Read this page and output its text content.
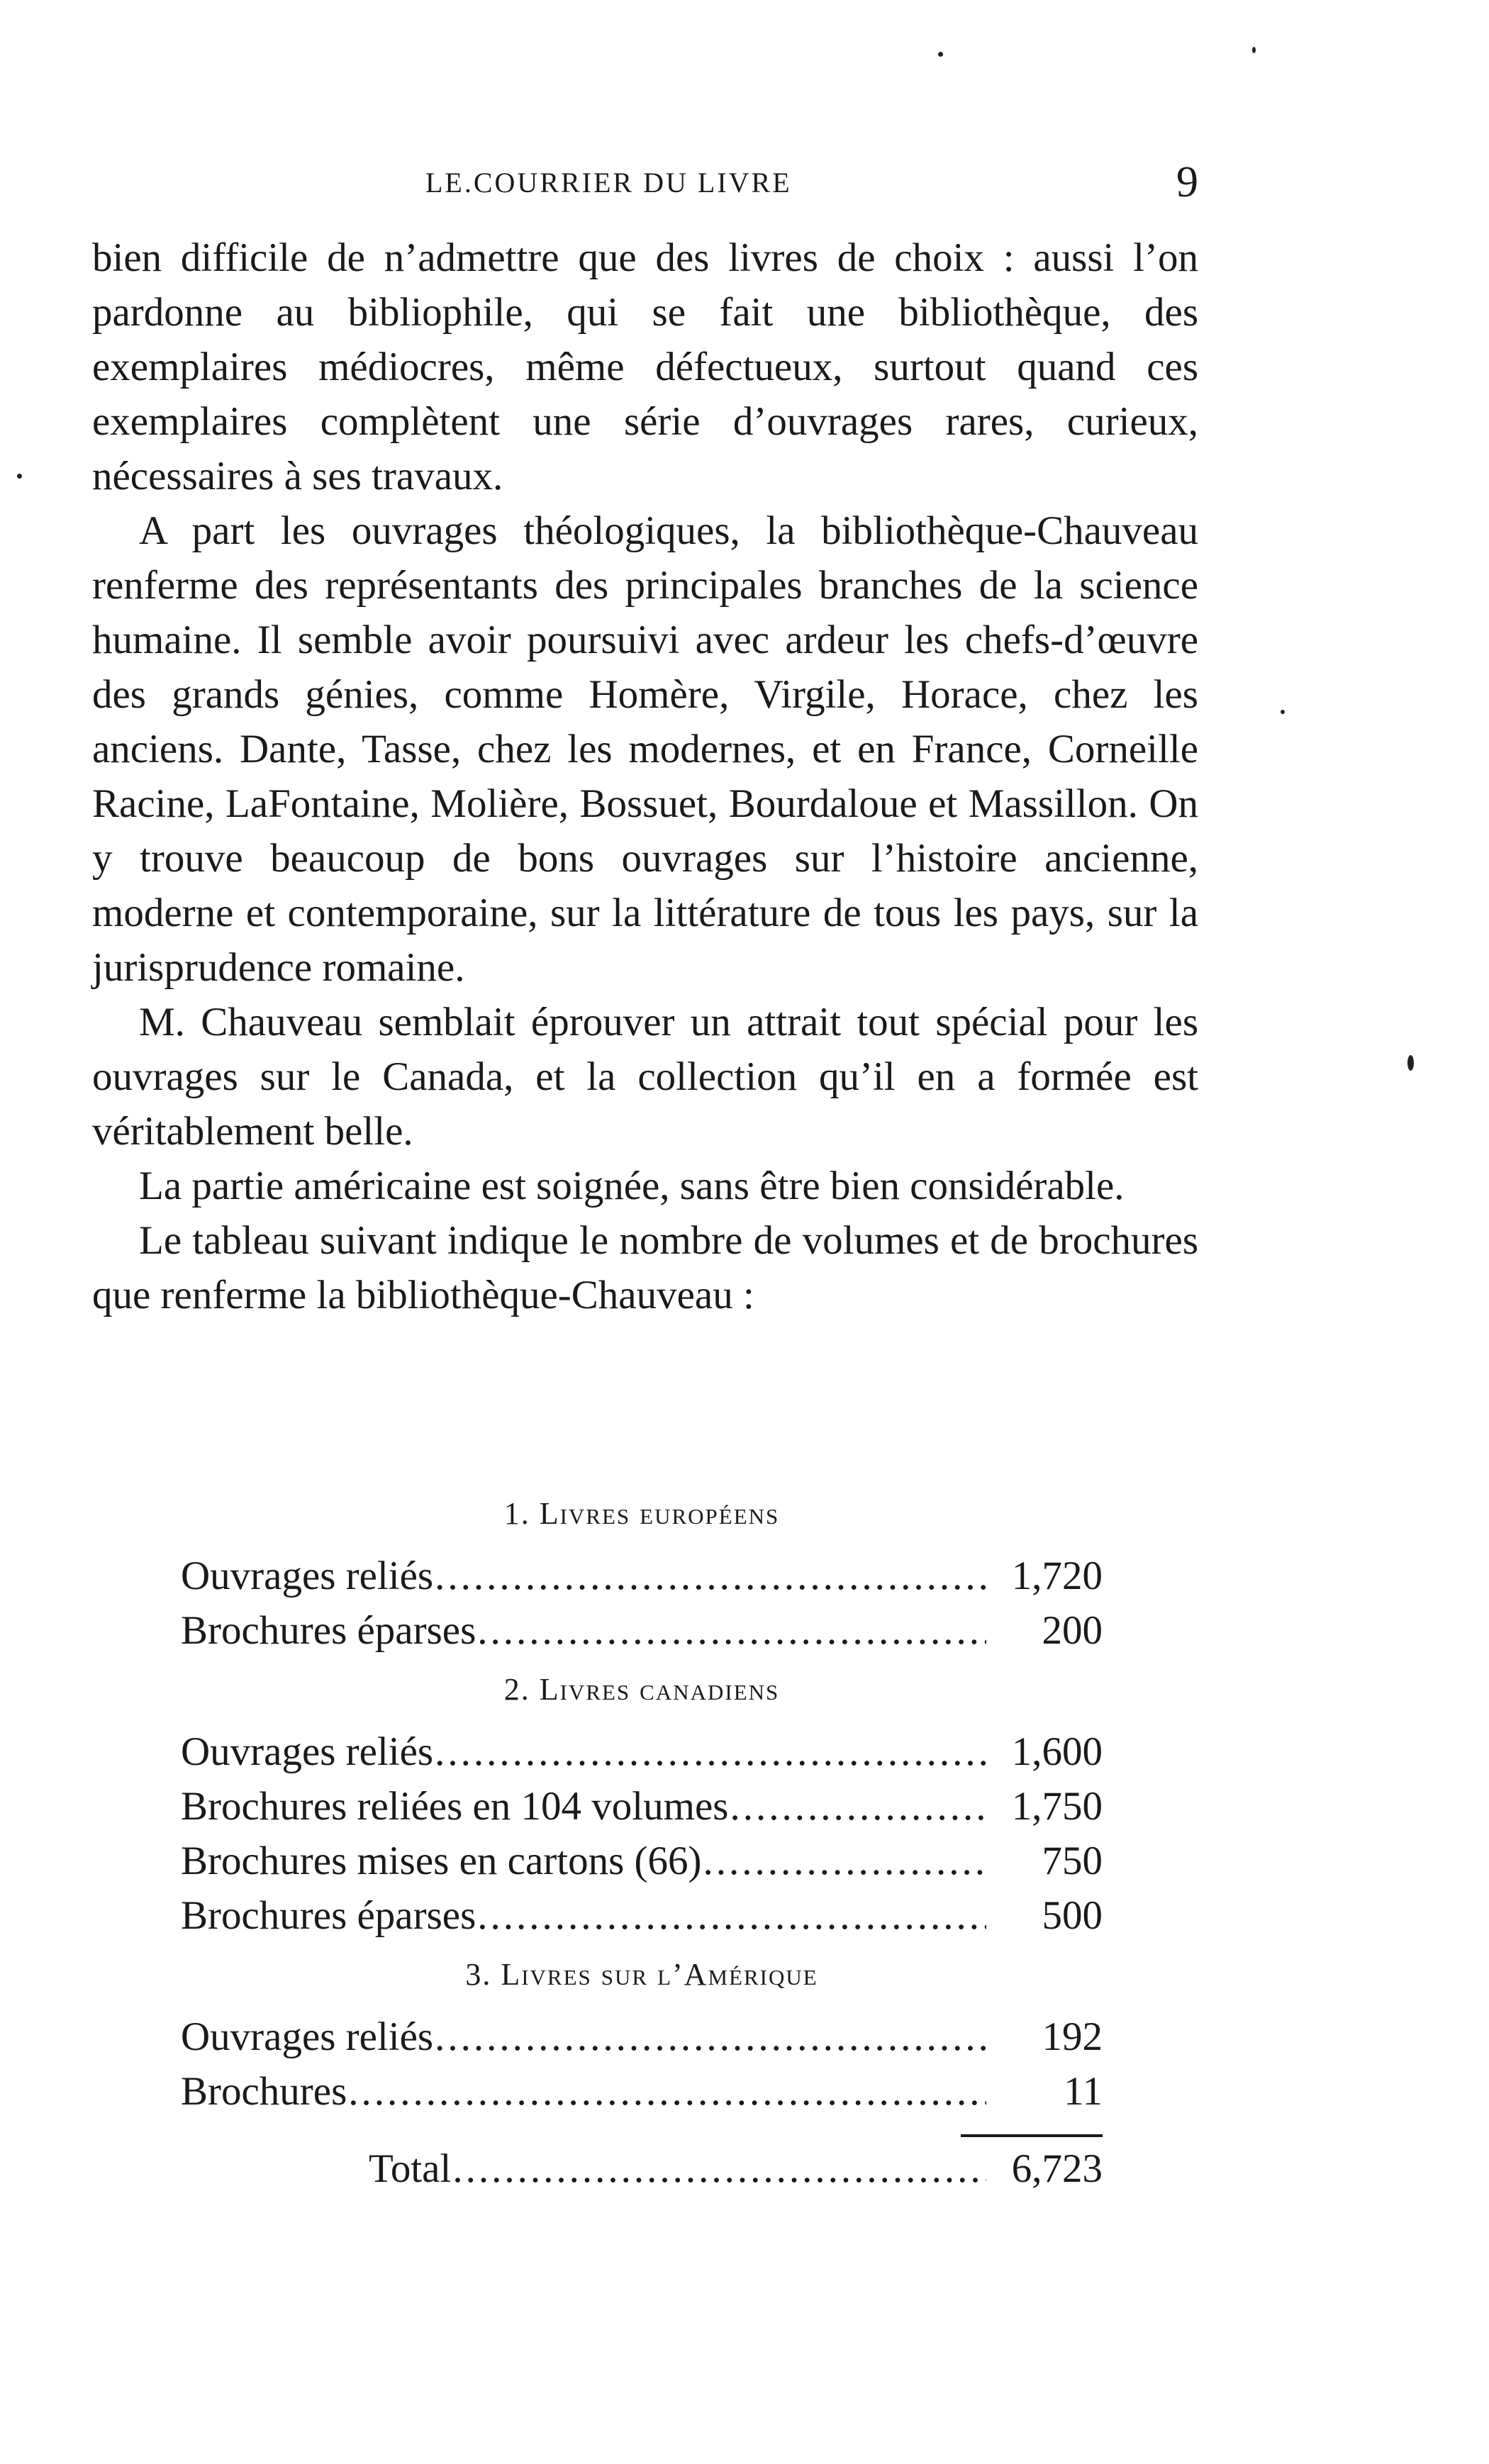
LE.COURRIER DU LIVRE	9

bien difficile de n’admettre que des livres de choix : aussi l’on pardonne au bibliophile, qui se fait une bibliothèque, des exemplaires médiocres, même défectueux, surtout quand ces exemplaires complètent une série d’ouvrages rares, curieux, nécessaires à ses travaux.

A part les ouvrages théologiques, la bibliothèque-Chauveau renferme des représentants des principales branches de la science humaine. Il semble avoir poursuivi avec ardeur les chefs-d’œuvre des grands génies, comme Homère, Virgile, Horace, chez les anciens. Dante, Tasse, chez les modernes, et en France, Corneille Racine, LaFontaine, Molière, Bossuet, Bourdaloue et Massillon. On y trouve beaucoup de bons ouvrages sur l’histoire ancienne, moderne et contemporaine, sur la littérature de tous les pays, sur la jurisprudence romaine.

M. Chauveau semblait éprouver un attrait tout spécial pour les ouvrages sur le Canada, et la collection qu’il en a formée est véritablement belle.

La partie américaine est soignée, sans être bien considérable.

Le tableau suivant indique le nombre de volumes et de brochures que renferme la bibliothèque-Chauveau :

1. Livres européens
Ouvrages reliés .....	1,720
Brochures éparses .....	200
2. Livres canadiens
Ouvrages reliés .....	1,600
Brochures reliées en 104 volumes .....	1,750
Brochures mises en cartons (66) .....	750
Brochures éparses .....	500
3. Livres sur l’Amérique
Ouvrages reliés .....	192
Brochures .....	11
Total .....	6,723
